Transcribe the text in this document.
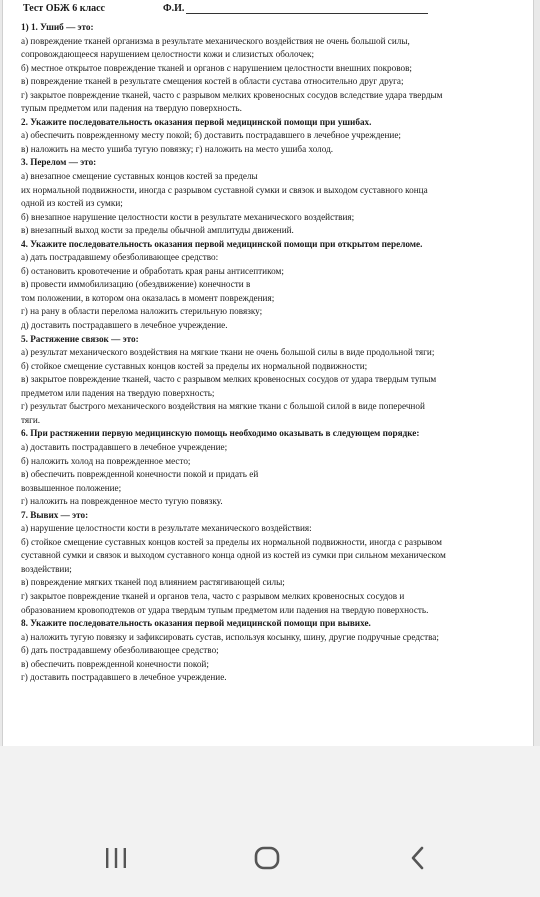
Тест ОБЖ 6 класс	Ф.И.

1) 1. Ушиб — это:

а) повреждение тканей организма в результате механического воздействия не очень большой силы,

сопровождающееся нарушением целостности кожи и слизистых оболочек;

б) местное открытое повреждение тканей и органов с нарушением целостности внешних покровов;

в) повреждение тканей в результате смещения костей в области сустава относительно друг друга;

г) закрытое повреждение тканей, часто с разрывом мелких кровеносных сосудов вследствие удара твердым

тупым предметом или падения на твердую поверхность.

2. Укажите последовательность оказания первой медицинской помощи при ушибах.

а) обеспечить поврежденному месту покой; б) доставить пострадавшего в лечебное учреждение;

в) наложить на место ушиба тугую повязку; г) наложить на место ушиба холод.

3. Перелом — это:

а) внезапное смещение суставных концов костей за пределы

их нормальной подвижности, иногда с разрывом суставной сумки и связок и выходом суставного конца

одной из костей из сумки;

б) внезапное нарушение целостности кости в результате механического воздействия;

в) внезапный выход кости за пределы обычной амплитуды движений.

4. Укажите последовательность оказания первой медицинской помощи при открытом переломе.

а) дать пострадавшему обезболивающее средство:

б) остановить кровотечение и обработать края раны антисептиком;

в) провести иммобилизацию (обездвижение) конечности в

том положении, в котором она оказалась в момент повреждения;

г) на рану в области перелома наложить стерильную повязку;

д) доставить пострадавшего в лечебное учреждение.

5. Растяжение связок — это:

а) результат механического воздействия на мягкие ткани не очень большой силы в виде продольной тяги;

б) стойкое смещение суставных концов костей за пределы их нормальной подвижности;

в) закрытое повреждение тканей, часто с разрывом мелких кровеносных сосудов от удара твердым тупым

предметом или падения на твердую поверхность;

г) результат быстрого механического воздействия на мягкие ткани с большой силой в виде поперечной

тяги.

6. При растяжении первую медицинскую помощь необходимо оказывать в следующем порядке:

а) доставить пострадавшего в лечебное учреждение;

б) наложить холод на поврежденное место;

в) обеспечить поврежденной конечности покой и придать ей

возвышенное положение;

г) наложить на поврежденное место тугую повязку.

7. Вывих — это:

а) нарушение целостности кости в результате механического воздействия:

б) стойкое смещение суставных концов костей за пределы их нормальной подвижности, иногда с разрывом

суставной сумки и связок и выходом суставного конца одной из костей из сумки при сильном механическом

воздействии;

в) повреждение мягких тканей под влиянием растягивающей силы;

г) закрытое повреждение тканей и органов тела, часто с разрывом мелких кровеносных сосудов и

образованием кровоподтеков от удара твердым тупым предметом или падения на твердую поверхность.

8. Укажите последовательность оказания первой медицинской помощи при вывихе.

а) наложить тугую повязку и зафиксировать сустав, используя косынку, шину, другие подручные средства;

б) дать пострадавшему обезболивающее средство;

в) обеспечить поврежденной конечности покой;

г) доставить пострадавшего в лечебное учреждение.
